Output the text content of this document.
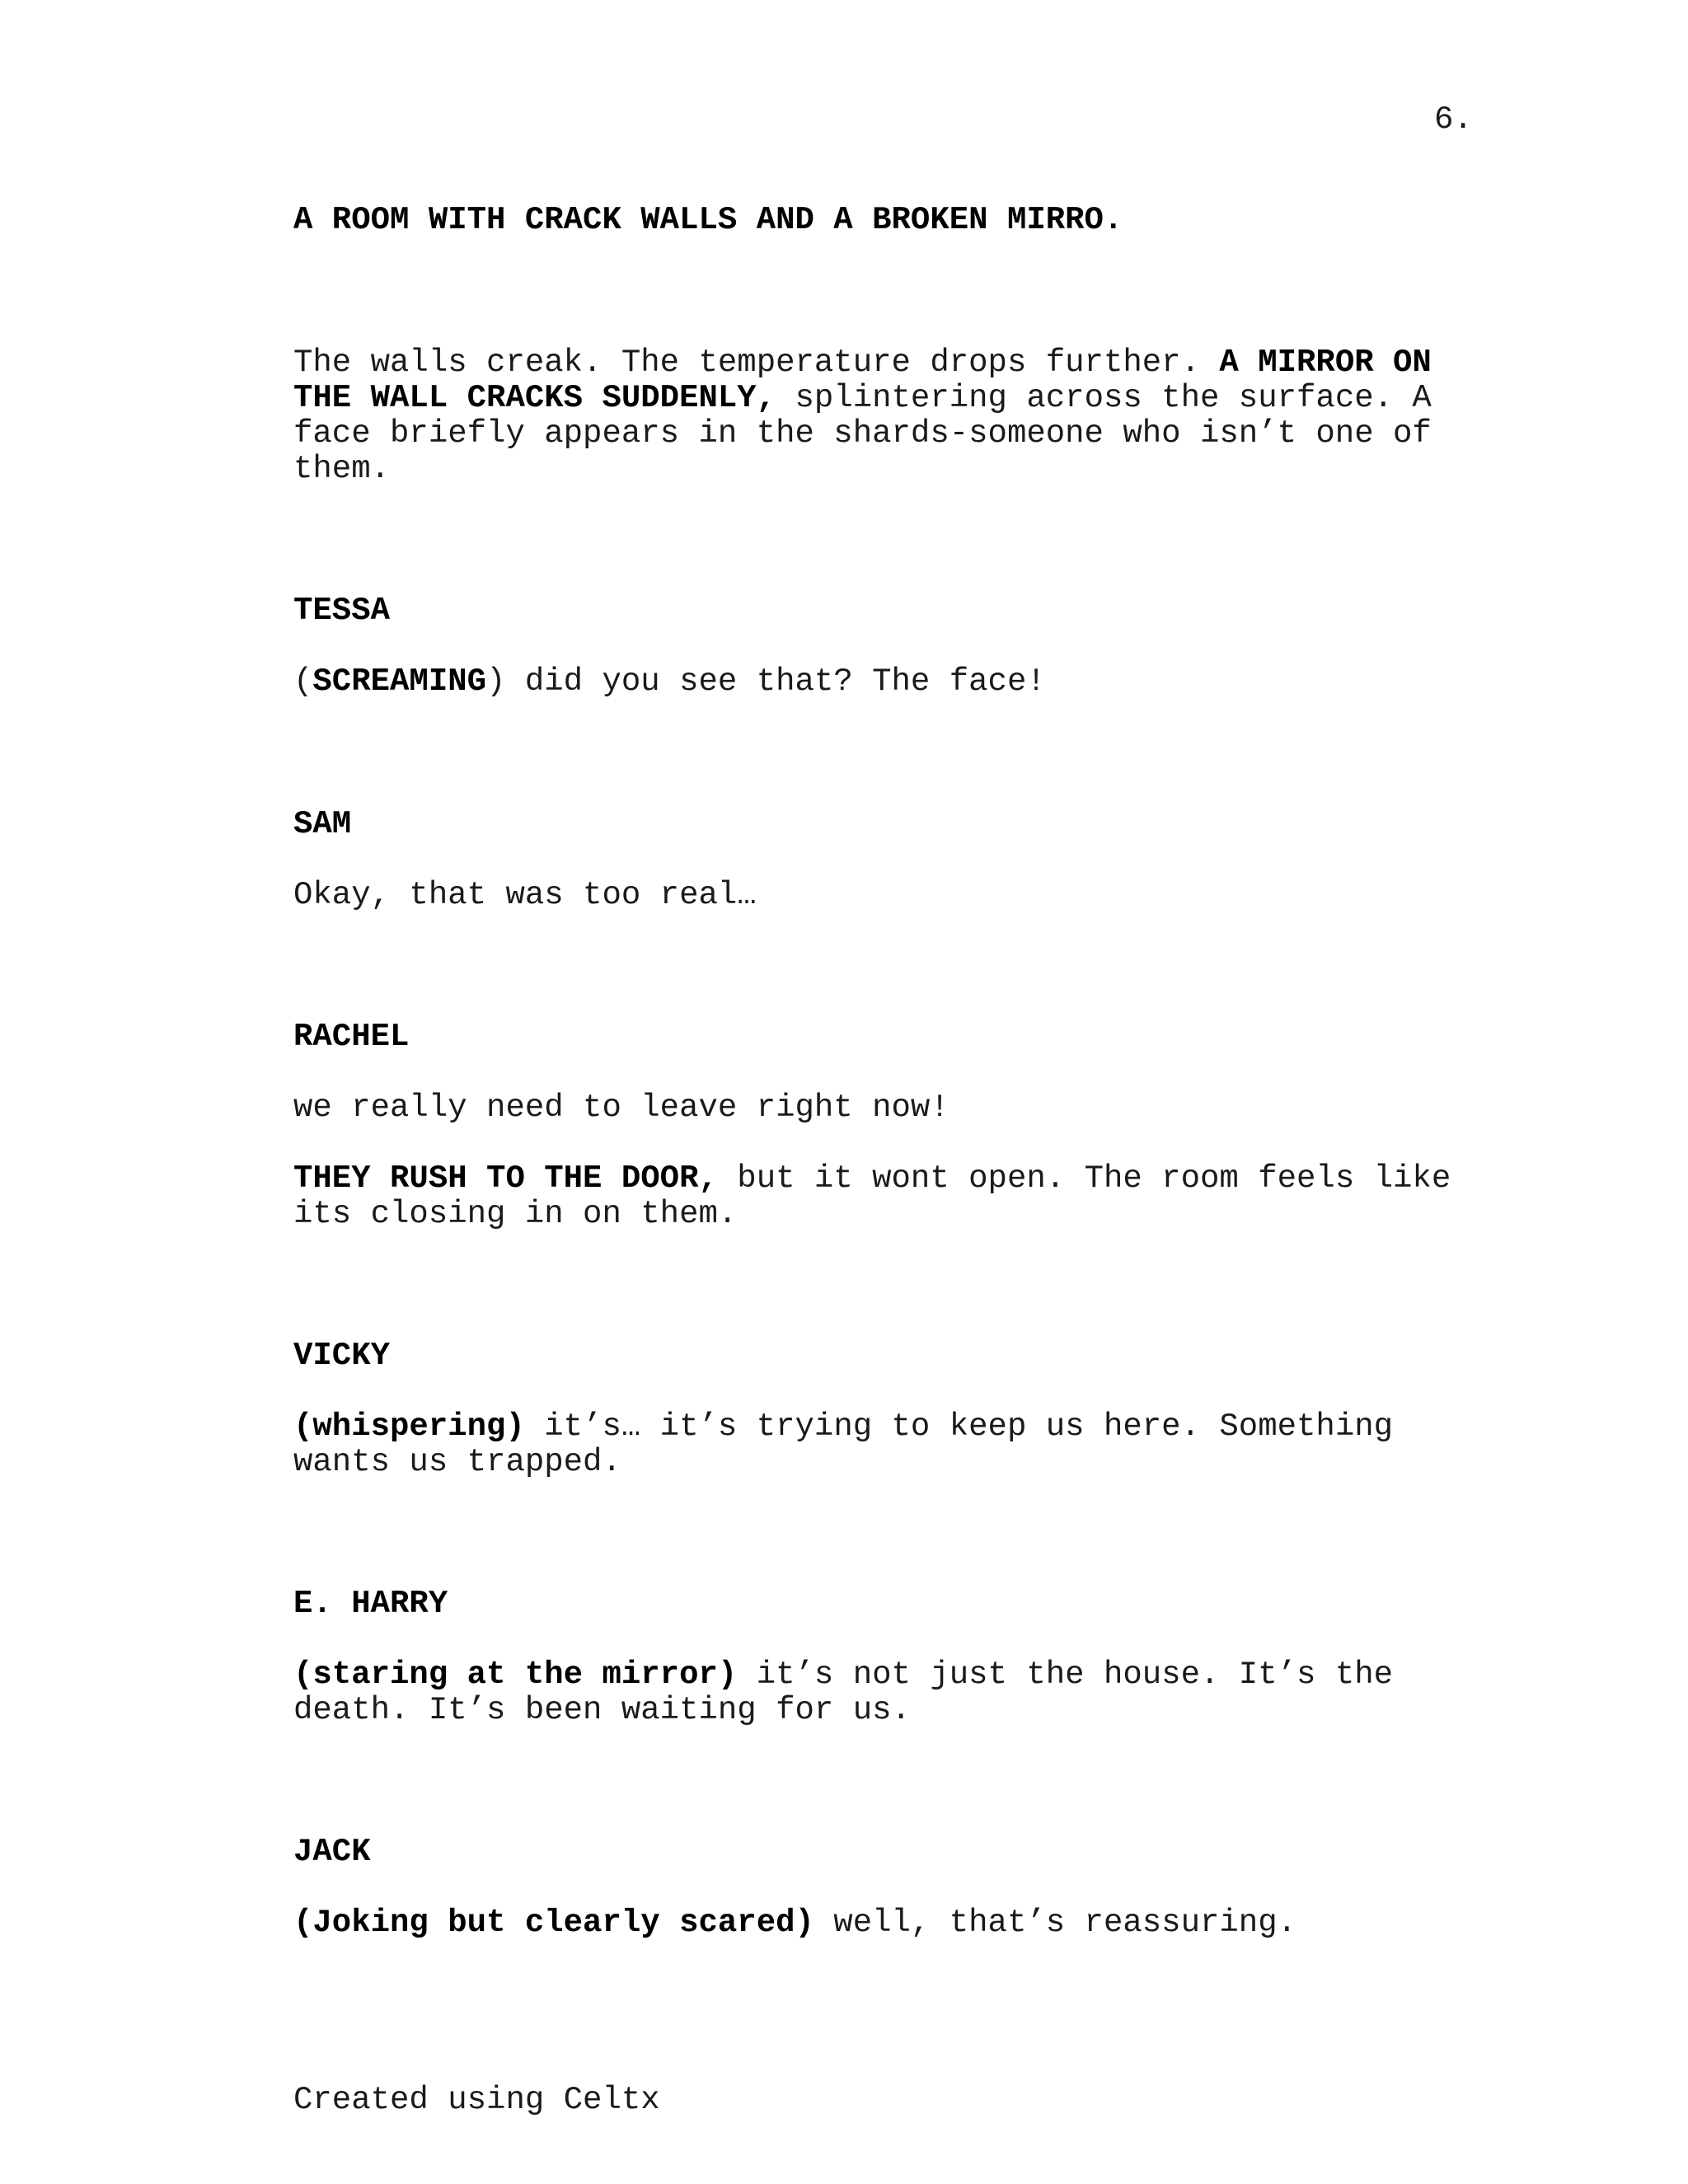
6.
A ROOM WITH CRACK WALLS AND A BROKEN MIRRO.
The walls creak. The temperature drops further. A MIRROR ON
THE WALL CRACKS SUDDENLY, splintering across the surface. A
face briefly appears in the shards-someone who isn’t one of
them.
TESSA
(SCREAMING) did you see that? The face!
SAM
Okay, that was too real…
RACHEL
we really need to leave right now!
THEY RUSH TO THE DOOR, but it wont open. The room feels like
its closing in on them.
VICKY
(whispering) it’s… it’s trying to keep us here. Something
wants us trapped.
E. HARRY
(staring at the mirror) it’s not just the house. It’s the
death. It’s been waiting for us.
JACK
(Joking but clearly scared) well, that’s reassuring.
Created using Celtx
